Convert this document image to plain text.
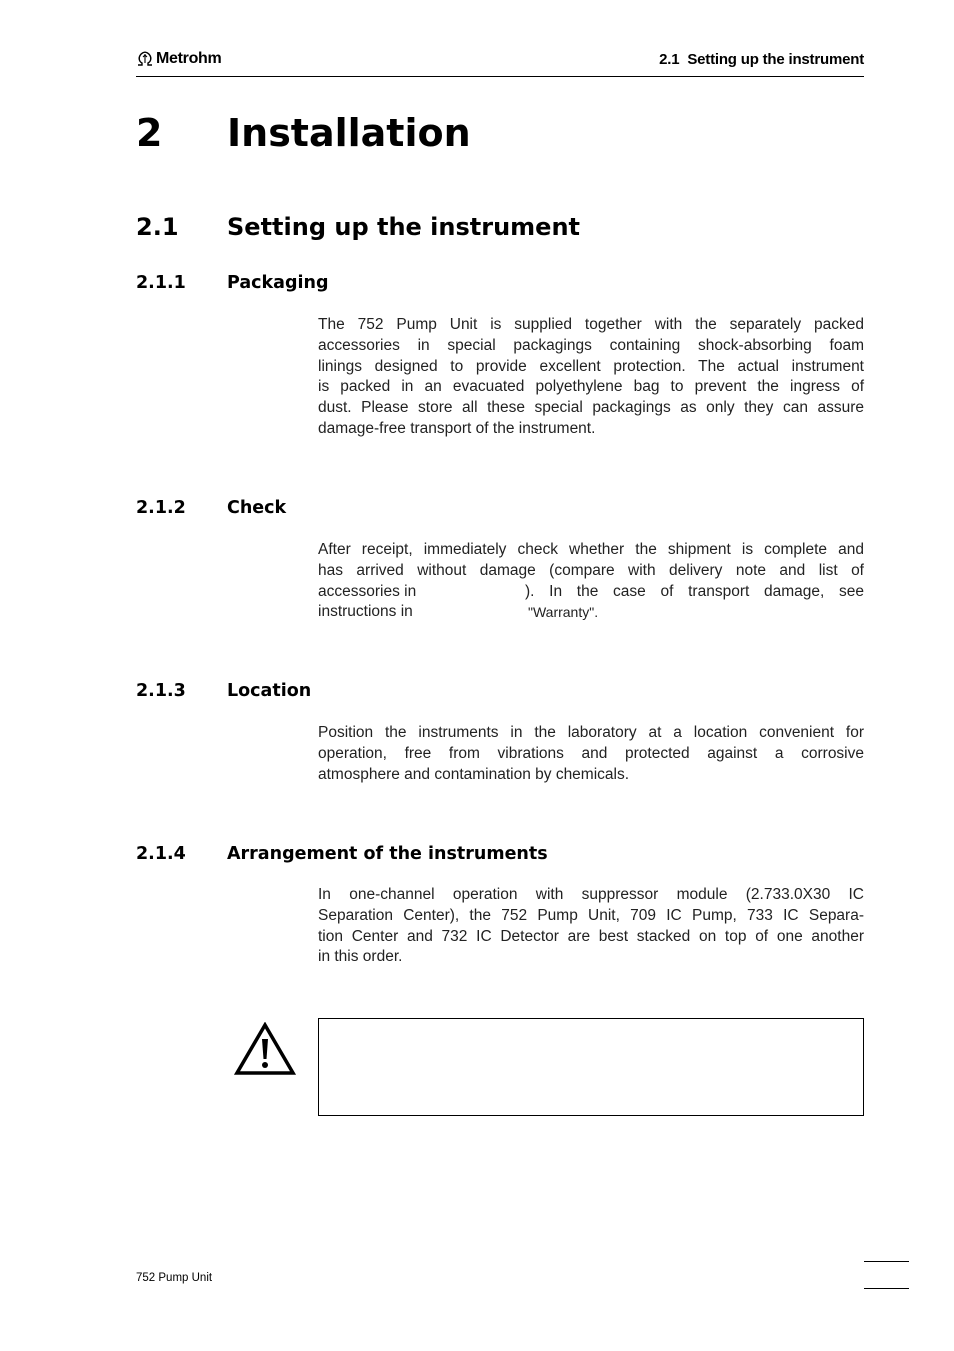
Metrohm	2.1  Setting up the instrument
2 Installation
2.1 Setting up the instrument
2.1.1 Packaging
The 752 Pump Unit is supplied together with the separately packed
accessories in special packagings containing shock-absorbing foam
linings designed to provide excellent protection. The actual instrument
is packed in an evacuated polyethylene bag to prevent the ingress of
dust. Please store all these special packagings as only they can assure
damage-free transport of the instrument.
2.1.2 Check
After receipt, immediately check whether the shipment is complete and
has arrived without damage (compare with delivery note and list of
accessories in	). In the case of transport damage, see
instructions in	"Warranty".
2.1.3 Location
Position the instruments in the laboratory at a location convenient for
operation, free from vibrations and protected against a corrosive
atmosphere and contamination by chemicals.
2.1.4 Arrangement of the instruments
In one-channel operation with suppressor module (2.733.0X30 IC
Separation Center), the 752 Pump Unit, 709 IC Pump, 733 IC Separa-
tion Center and 732 IC Detector are best stacked on top of one another
in this order.
752 Pump Unit
